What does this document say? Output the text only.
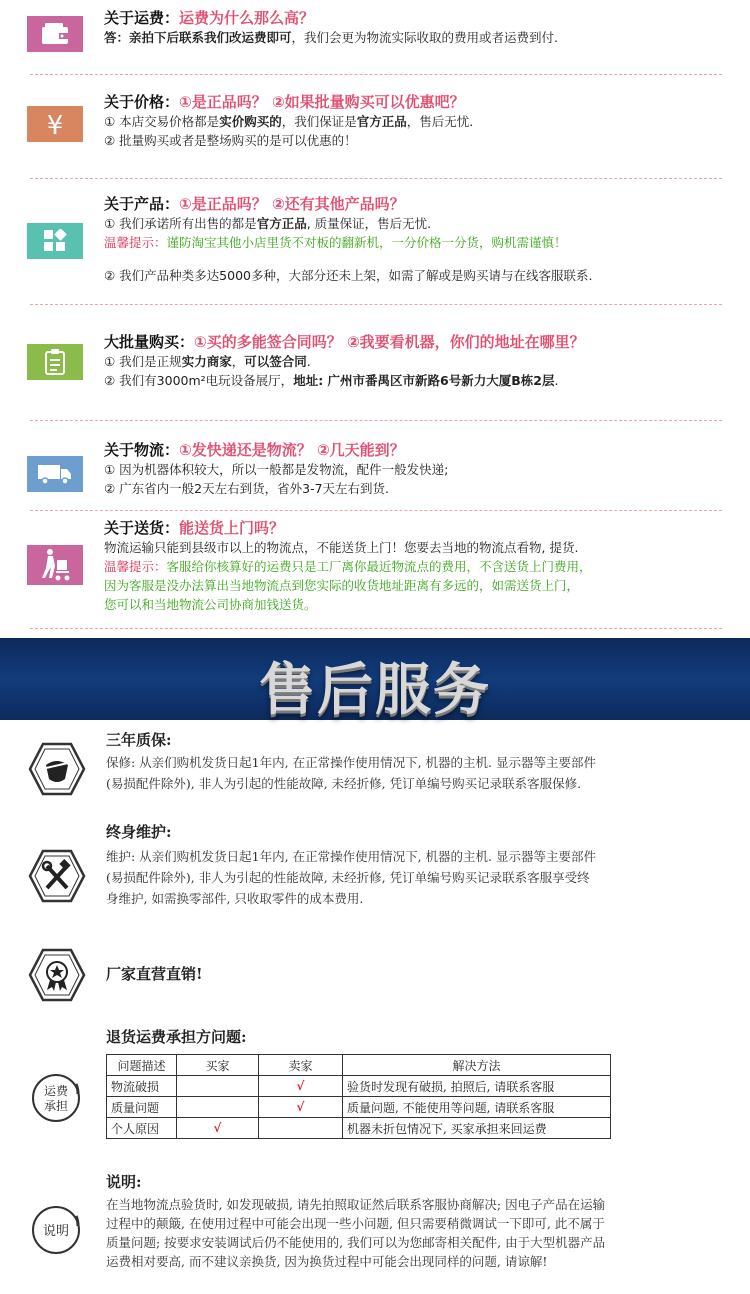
关于运费：运费为什么那么高？
答：亲拍下后联系我们改运费即可，我们会更为物流实际收取的费用或者运费到付.
¥
关于价格：①是正品吗？ ②如果批量购买可以优惠吧？
① 本店交易价格都是实价购买的，我们保证是官方正品，售后无忧.
② 批量购买或者是整场购买的是可以优惠的！
关于产品：①是正品吗？ ②还有其他产品吗？
① 我们承诺所有出售的都是官方正品, 质量保证，售后无忧.
温馨提示：谨防淘宝其他小店里货不对板的翻新机，一分价格一分货，购机需谨慎！
② 我们产品种类多达5000多种，大部分还未上架，如需了解或是购买请与在线客服联系.
大批量购买：①买的多能签合同吗？ ②我要看机器，你们的地址在哪里？
① 我们是正规实力商家，可以签合同.
② 我们有3000m²电玩设备展厅，地址: 广州市番禺区市新路6号新力大厦B栋2层.
关于物流：①发快递还是物流？ ②几天能到？
① 因为机器体积较大，所以一般都是发物流，配件一般发快递;
② 广东省内一般2天左右到货，省外3-7天左右到货.
关于送货：能送货上门吗？
物流运输只能到县级市以上的物流点，不能送货上门！您要去当地的物流点看物, 提货.
温馨提示：客服给你核算好的运费只是工厂离你最近物流点的费用，不含送货上门费用，
因为客服是没办法算出当地物流点到您实际的收货地址距离有多远的，如需送货上门，
您可以和当地物流公司协商加钱送货。
售后服务
三年质保:
保修: 从亲们购机发货日起1年内, 在正常操作使用情况下, 机器的主机. 显示器等主要部件
(易损配件除外), 非人为引起的性能故障, 未经折修, 凭订单编号购买记录联系客服保修.
终身维护:
维护: 从亲们购机发货日起1年内, 在正常操作使用情况下, 机器的主机. 显示器等主要部件
(易损配件除外), 非人为引起的性能故障, 未经折修, 凭订单编号购买记录联系客服享受终
身维护, 如需换零部件, 只收取零件的成本费用.
厂家直营直销!
运费
承担
退货运费承担方问题:
问题描述	买家	卖家	解决方法
物流破损		√	验货时发现有破损, 拍照后, 请联系客服
质量问题		√	质量问题, 不能使用等问题, 请联系客服
个人原因	√		机器未折包情况下, 买家承担来回运费
说明
说明:
在当地物流点验货时, 如发现破损, 请先拍照取证然后联系客服协商解决; 因电子产品在运输
过程中的颠簸, 在使用过程中可能会出现一些小问题, 但只需要稍微调试一下即可, 此不属于
质量问题; 按要求安装调试后仍不能使用的, 我们可以为您邮寄相关配件, 由于大型机器产品
运费相对要高, 而不建议亲换货, 因为换货过程中可能会出现同样的问题, 请谅解!
